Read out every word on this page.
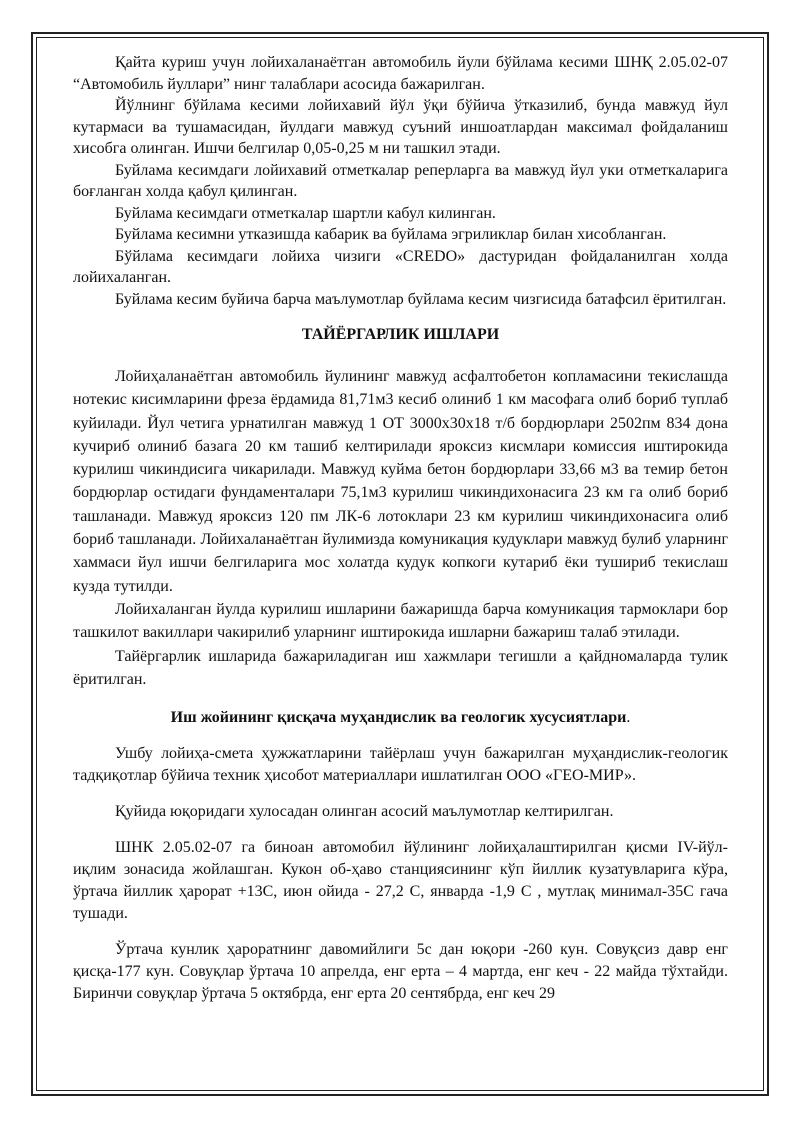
Қайта куриш учун лойихаланаётган автомобиль йули бўйлама кесими ШНҚ 2.05.02-07 “Автомобиль йуллари” нинг талаблари асосида бажарилган.

Йўлнинг бўйлама кесими лойихавий йўл ўқи бўйича ўтказилиб, бунда мавжуд йул кутармаси ва тушамасидан, йулдаги мавжуд суъний иншоатлардан максимал фойдаланиш хисобга олинган. Ишчи белгилар 0,05-0,25 м ни ташкил этади.

Буйлама кесимдаги лойихавий отметкалар реперларга ва мавжуд йул уки отметкаларига боғланган холда қабул қилинган.

Буйлама кесимдаги отметкалар шартли кабул килинган.

Буйлама кесимни утказишда кабарик ва буйлама эгриликлар билан хисобланган.

Бўйлама кесимдаги лойиха чизиги «CREDO» дастуридан фойдаланилган холда лойихаланган.

Буйлама кесим буйича барча маълумотлар буйлама кесим чизгисида батафсил ёритилган.

ТАЙЁРГАРЛИК ИШЛАРИ

Лойиҳаланаётган автомобиль йулининг мавжуд асфалтобетон копламасини текислашда нотекис кисимларини фреза ёрдамида 81,71м3 кесиб олиниб 1 км масофага олиб бориб туплаб куйилади. Йул четига урнатилган мавжуд 1 ОТ 3000х30х18 т/б бордюрлари 2502пм 834 дона кучириб олиниб базага 20 км ташиб келтирилади яроксиз кисмлари комиссия иштирокида курилиш чикиндисига чикарилади. Мавжуд куйма бетон бордюрлари 33,66 м3 ва темир бетон бордюрлар остидаги фундаменталари 75,1м3 курилиш чикиндихонасига 23 км га олиб бориб ташланади. Мавжуд яроксиз 120 пм ЛК-6 лотоклари 23 км курилиш чикиндихонасига олиб бориб ташланади. Лойихаланаётган йулимизда комуникация кудуклари мавжуд булиб уларнинг хаммаси йул ишчи белгиларига мос холатда кудук копкоги кутариб ёки тушириб текислаш кузда тутилди.

Лойихаланган йулда курилиш ишларини бажаришда барча комуникация тармоклари бор ташкилот вакиллари чакирилиб уларнинг иштирокида ишларни бажариш талаб этилади.

Тайёргарлик ишларида бажариладиган иш хажмлари тегишли а қайдномаларда тулик ёритилган.

Иш жойининг қисқача муҳандислик ва геологик хусусиятлари.

Ушбу лойиҳа-смета ҳужжатларини тайёрлаш учун бажарилган муҳандислик-геологик тадқиқотлар бўйича техник ҳисобот материаллари ишлатилган ООО «ГЕО-МИР».

Қуйида юқоридаги хулосадан олинган асосий маълумотлар келтирилган.

ШНК 2.05.02-07 га биноан автомобил йўлининг лойиҳалаштирилган қисми IV-йўл-иқлим зонасида жойлашган. Кукон об-ҳаво станциясининг кўп йиллик кузатувларига кўра, ўртача йиллик ҳарорат +13С, июн ойида - 27,2 С, январда -1,9 С , мутлақ минимал-35С гача тушади.

Ўртача кунлик ҳароратнинг давомийлиги 5с дан юқори -260 кун. Совуқсиз давр енг қисқа-177 кун. Совуқлар ўртача 10 апрелда, енг ерта – 4 мартда, енг кеч - 22 майда тўхтайди. Биринчи совуқлар ўртача 5 октябрда, енг ерта 20 сентябрда, енг кеч 29
